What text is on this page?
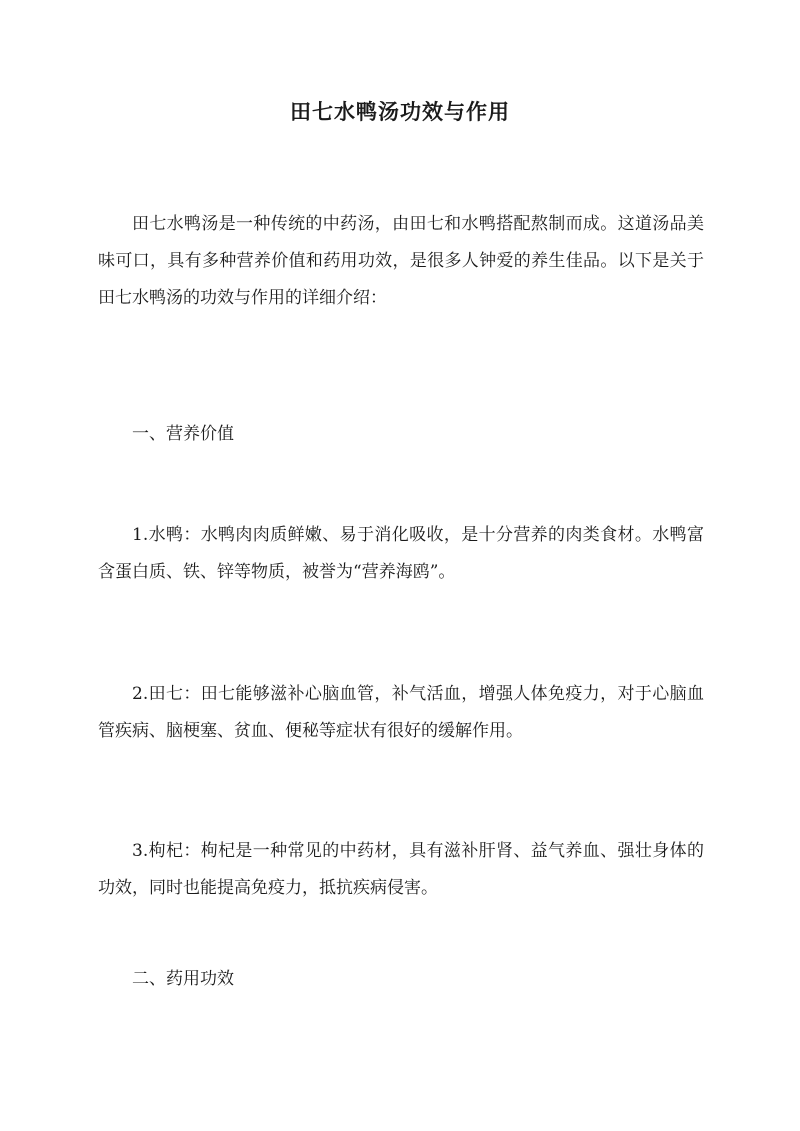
田七水鸭汤功效与作用

田七水鸭汤是一种传统的中药汤，由田七和水鸭搭配熬制而成。这道汤品美味可口，具有多种营养价值和药用功效，是很多人钟爱的养生佳品。以下是关于田七水鸭汤的功效与作用的详细介绍：

一、营养价值

1.水鸭：水鸭肉肉质鲜嫩、易于消化吸收，是十分营养的肉类食材。水鸭富含蛋白质、铁、锌等物质，被誉为“营养海鸥”。

2.田七：田七能够滋补心脑血管，补气活血，增强人体免疫力，对于心脑血管疾病、脑梗塞、贫血、便秘等症状有很好的缓解作用。

3.枸杞：枸杞是一种常见的中药材，具有滋补肝肾、益气养血、强壮身体的功效，同时也能提高免疫力，抵抗疾病侵害。

二、药用功效
